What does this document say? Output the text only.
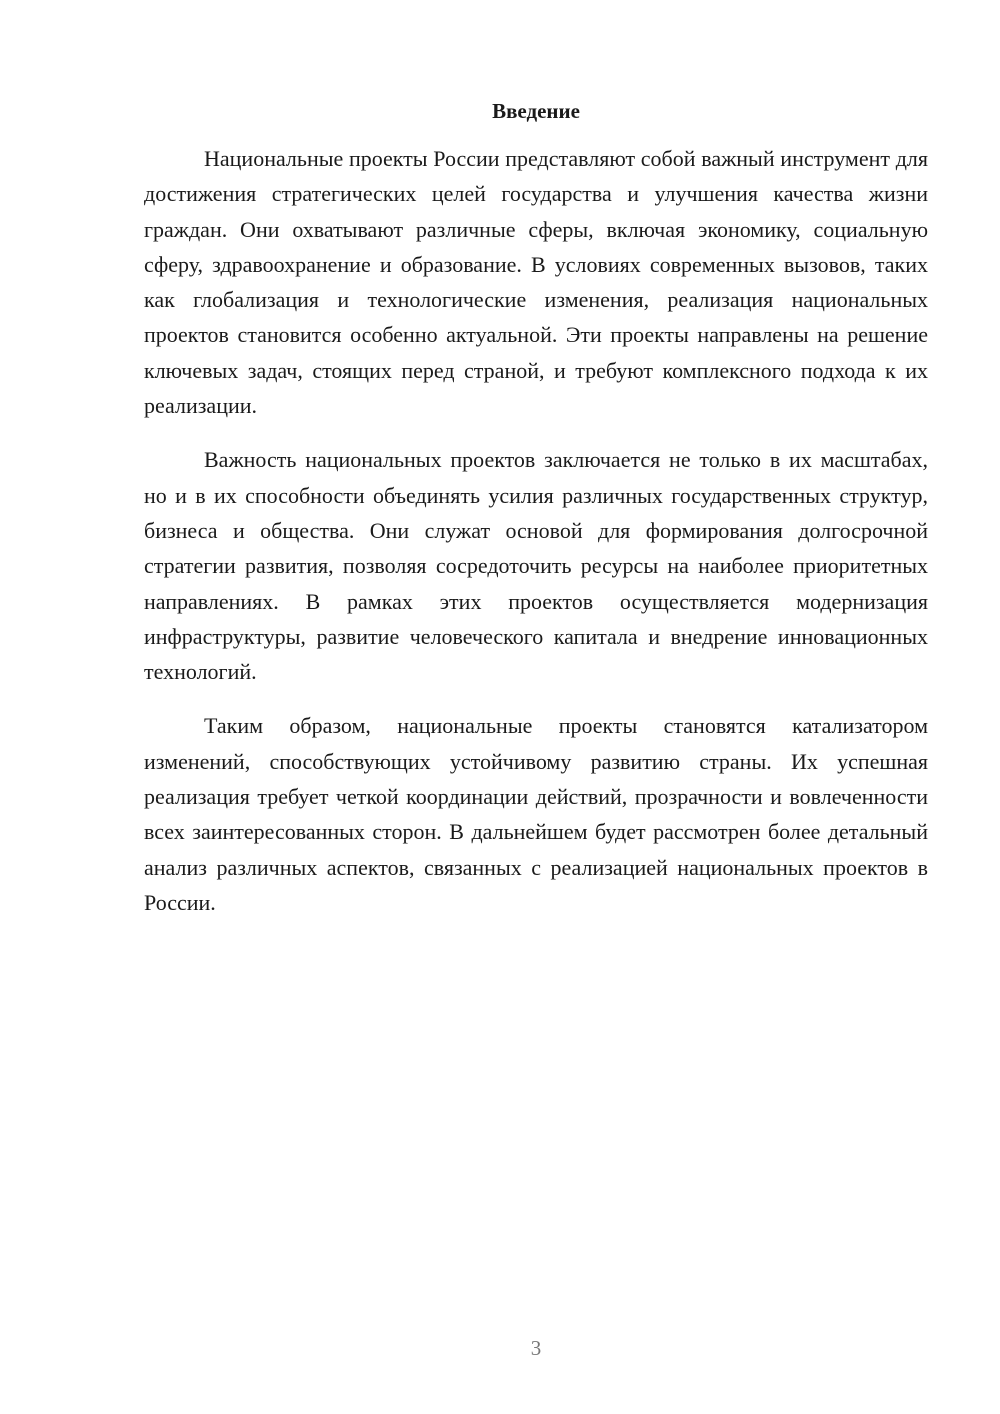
Введение

Национальные проекты России представляют собой важный инструмент для достижения стратегических целей государства и улучшения качества жизни граждан. Они охватывают различные сферы, включая экономику, социальную сферу, здравоохранение и образование. В условиях современных вызовов, таких как глобализация и технологические изменения, реализация национальных проектов становится особенно актуальной. Эти проекты направлены на решение ключевых задач, стоящих перед страной, и требуют комплексного подхода к их реализации.

Важность национальных проектов заключается не только в их масштабах, но и в их способности объединять усилия различных государственных структур, бизнеса и общества. Они служат основой для формирования долгосрочной стратегии развития, позволяя сосредоточить ресурсы на наиболее приоритетных направлениях. В рамках этих проектов осуществляется модернизация инфраструктуры, развитие человеческого капитала и внедрение инновационных технологий.

Таким образом, национальные проекты становятся катализатором изменений, способствующих устойчивому развитию страны. Их успешная реализация требует четкой координации действий, прозрачности и вовлеченности всех заинтересованных сторон. В дальнейшем будет рассмотрен более детальный анализ различных аспектов, связанных с реализацией национальных проектов в России.

3
